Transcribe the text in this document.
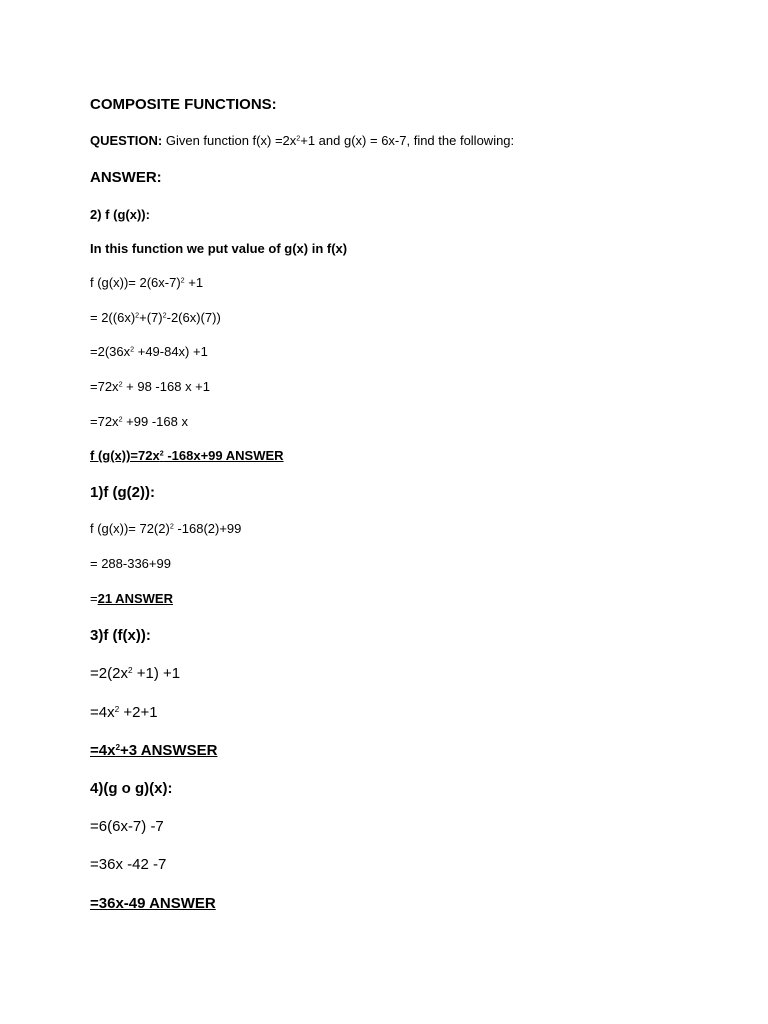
COMPOSITE FUNCTIONS:
QUESTION: Given function $f(x) =2x^2+1$ and g(x) = 6x-7, find the following:
ANSWER:
2) f (g(x)):
In this function we put value of g(x) in f(x)
f $(g(x))= 2(6x-7)^2 +1$
= $2((6x)^2+(7)^2-2(6x)(7))$
$=2(36x^2 +49-84x) +1$
$=72x^2 + 98$ -168 x +1
$=72x^2 +99$ -168 x
f $(g(x))=72x^2$ -168x+99 ANSWER
1)f (g(2)):
f $(g(x))= 72(2)^2$ -168(2)+99
= 288-336+99
=21 ANSWER
3)f (f(x)):
$=2(2x^2 +1) +1$
$=4x^2 +2+1$
$=4x^2+3$ ANSWSER
4)(g o g)(x):
=6(6x-7) -7
=36x -42 -7
=36x-49 ANSWER
